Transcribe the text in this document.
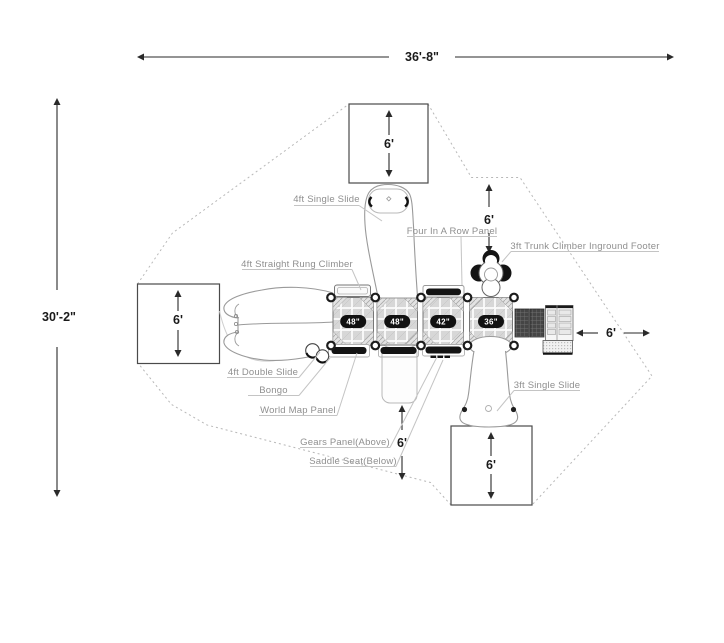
36'-8"
30'-2"
6'
6'
6'
6'
6'
6'
48"	48"	42"	36"
4ft Single Slide
Four In A Row Panel
3ft Trunk Climber Inground Footer
4ft Straight Rung Climber
4ft Double Slide
Bongo
World Map Panel
Gears Panel(Above)
Saddle Seat(Below)
3ft Single Slide
